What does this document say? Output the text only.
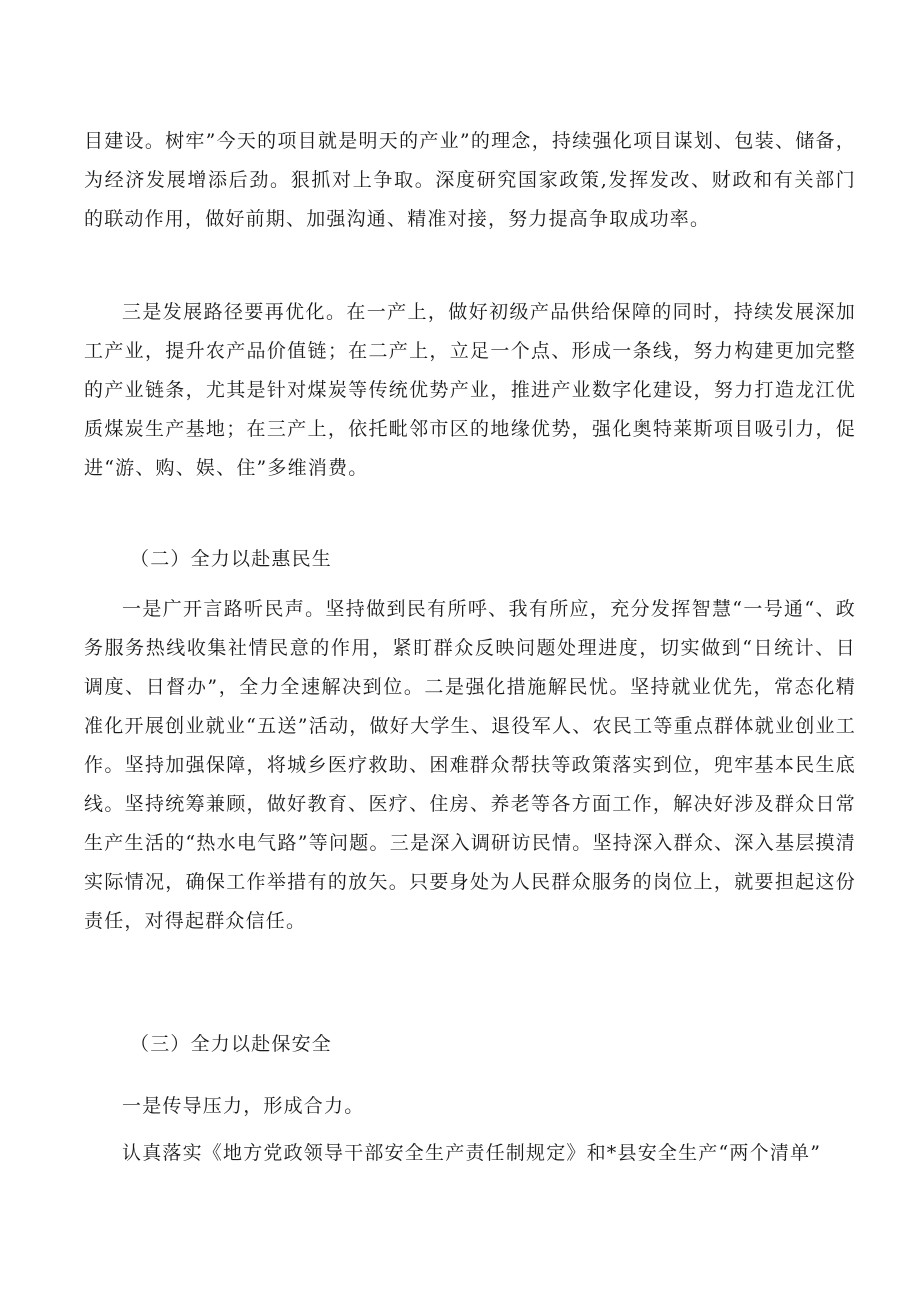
目建设。树牢”今天的项目就是明天的产业”的理念，持续强化项目谋划、包装、储备，为经济发展增添后劲。狠抓对上争取。深度研究国家政策,发挥发改、财政和有关部门的联动作用，做好前期、加强沟通、精准对接，努力提高争取成功率。

三是发展路径要再优化。在一产上，做好初级产品供给保障的同时，持续发展深加工产业，提升农产品价值链；在二产上，立足一个点、形成一条线，努力构建更加完整的产业链条，尤其是针对煤炭等传统优势产业，推进产业数字化建设，努力打造龙江优质煤炭生产基地；在三产上，依托毗邻市区的地缘优势，强化奥特莱斯项目吸引力，促进“游、购、娱、住”多维消费。

（二）全力以赴惠民生

一是广开言路听民声。坚持做到民有所呼、我有所应，充分发挥智慧“一号通“、政务服务热线收集社情民意的作用，紧盯群众反映问题处理进度，切实做到“日统计、日调度、日督办”，全力全速解决到位。二是强化措施解民忧。坚持就业优先，常态化精准化开展创业就业“五送”活动，做好大学生、退役军人、农民工等重点群体就业创业工作。坚持加强保障，将城乡医疗救助、困难群众帮扶等政策落实到位，兜牢基本民生底线。坚持统筹兼顾，做好教育、医疗、住房、养老等各方面工作，解决好涉及群众日常生产生活的“热水电气路”等问题。三是深入调研访民情。坚持深入群众、深入基层摸清实际情况，确保工作举措有的放矢。只要身处为人民群众服务的岗位上，就要担起这份责任，对得起群众信任。

（三）全力以赴保安全

一是传导压力，形成合力。

认真落实《地方党政领导干部安全生产责任制规定》和*县安全生产“两个清单”
